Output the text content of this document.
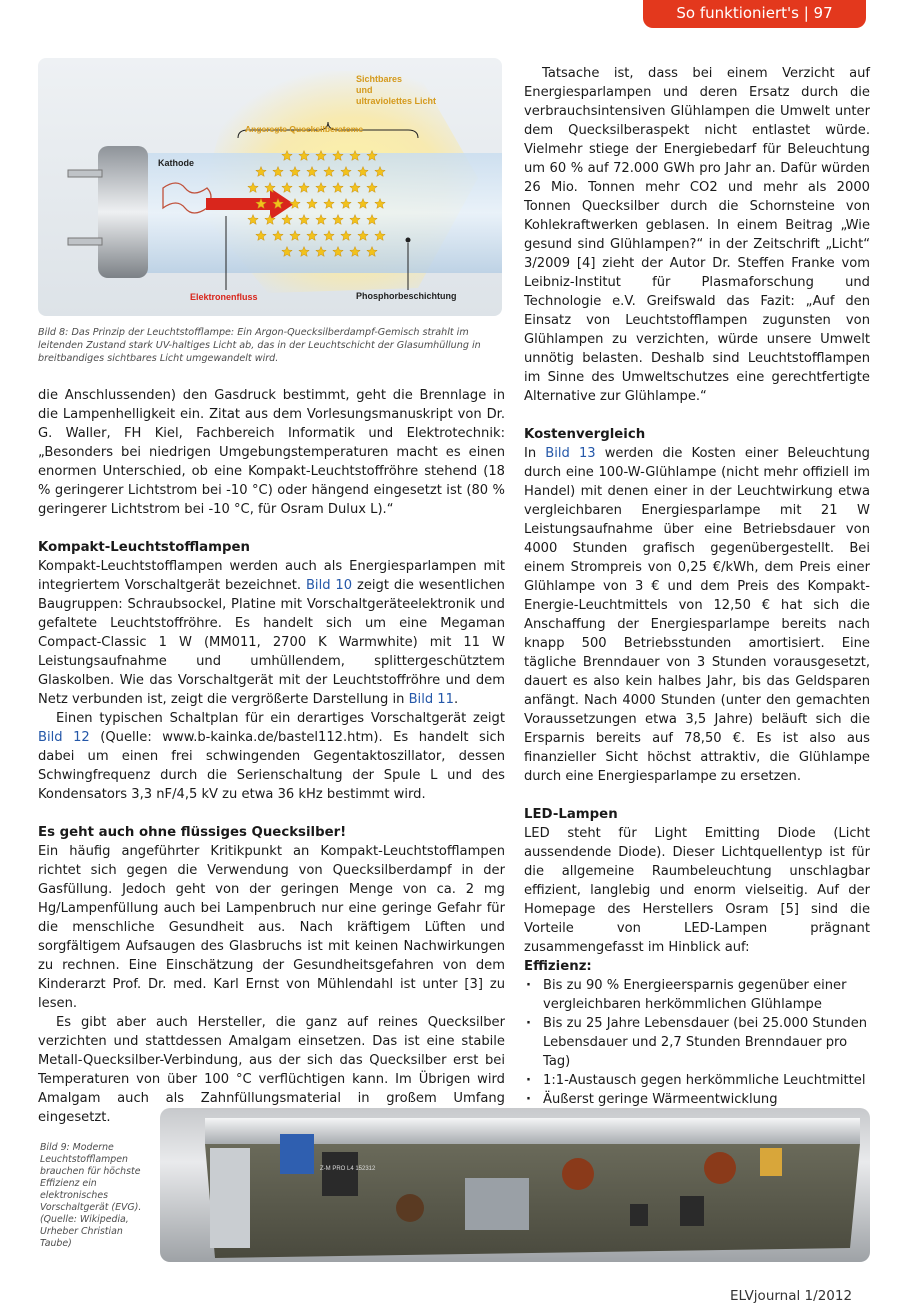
So funktioniert's | 97
Sichtbares
und
ultraviolettes Licht
Angeregte Quecksilberatome
Kathode
Elektronenfluss	Phosphorbeschichtung
Bild 8: Das Prinzip der Leuchtstofflampe: Ein Argon-Quecksilberdampf-Gemisch strahlt im leitenden Zustand stark UV-haltiges Licht ab, das in der Leuchtschicht der Glasumhüllung in breitbandiges sichtbares Licht umgewandelt wird.

die Anschlussenden) den Gasdruck bestimmt, geht die Brennlage in die Lampenhelligkeit ein. Zitat aus dem Vorlesungsmanuskript von Dr. G. Waller, FH Kiel, Fachbereich Informatik und Elektrotechnik: „Besonders bei niedrigen Umgebungstemperaturen macht es einen enormen Unterschied, ob eine Kompakt-Leuchtstoffröhre stehend (18 % geringerer Lichtstrom bei -10 °C) oder hängend eingesetzt ist (80 % geringerer Lichtstrom bei -10 °C, für Osram Dulux L).“

Kompakt-Leuchtstofflampen

Kompakt-Leuchtstofflampen werden auch als Energiesparlampen mit integriertem Vorschaltgerät bezeichnet. Bild 10 zeigt die wesentlichen Baugruppen: Schraubsockel, Platine mit Vorschaltgeräteelektronik und gefaltete Leuchtstoffröhre. Es handelt sich um eine Megaman Compact-Classic 1 W (MM011, 2700 K Warmwhite) mit 11 W Leistungsaufnahme und umhüllendem, splittergeschütztem Glaskolben. Wie das Vorschaltgerät mit der Leuchtstoffröhre und dem Netz verbunden ist, zeigt die vergrößerte Darstellung in Bild 11.

Einen typischen Schaltplan für ein derartiges Vorschaltgerät zeigt Bild 12 (Quelle: www.b-kainka.de/bastel112.htm). Es handelt sich dabei um einen frei schwingenden Gegentaktoszillator, dessen Schwingfrequenz durch die Serienschaltung der Spule L und des Kondensators 3,3 nF/4,5 kV zu etwa 36 kHz bestimmt wird.

Es geht auch ohne flüssiges Quecksilber!

Ein häufig angeführter Kritikpunkt an Kompakt-Leuchtstofflampen richtet sich gegen die Verwendung von Quecksilberdampf in der Gasfüllung. Jedoch geht von der geringen Menge von ca. 2 mg Hg/Lampenfüllung auch bei Lampenbruch nur eine geringe Gefahr für die menschliche Gesundheit aus. Nach kräftigem Lüften und sorgfältigem Aufsaugen des Glasbruchs ist mit keinen Nachwirkungen zu rechnen. Eine Einschätzung der Gesundheitsgefahren von dem Kinderarzt Prof. Dr. med. Karl Ernst von Mühlendahl ist unter [3] zu lesen.

Es gibt aber auch Hersteller, die ganz auf reines Quecksilber verzichten und stattdessen Amalgam einsetzen. Das ist eine stabile Metall-Quecksilber-Verbindung, aus der sich das Quecksilber erst bei Temperaturen von über 100 °C verflüchtigen kann. Im Übrigen wird Amalgam auch als Zahnfüllungsmaterial in großem Umfang eingesetzt.

Tatsache ist, dass bei einem Verzicht auf Energiesparlampen und deren Ersatz durch die verbrauchsintensiven Glühlampen die Umwelt unter dem Quecksilberaspekt nicht entlastet würde. Vielmehr stiege der Energiebedarf für Beleuchtung um 60 % auf 72.000 GWh pro Jahr an. Dafür würden 26 Mio. Tonnen mehr CO2 und mehr als 2000 Tonnen Quecksilber durch die Schornsteine von Kohlekraftwerken geblasen. In einem Beitrag „Wie gesund sind Glühlampen?“ in der Zeitschrift „Licht“ 3/2009 [4] zieht der Autor Dr. Steffen Franke vom Leibniz-Institut für Plasmaforschung und Technologie e.V. Greifswald das Fazit: „Auf den Einsatz von Leuchtstofflampen zugunsten von Glühlampen zu verzichten, würde unsere Umwelt unnötig belasten. Deshalb sind Leuchtstofflampen im Sinne des Umweltschutzes eine gerechtfertigte Alternative zur Glühlampe.“

Kostenvergleich

In Bild 13 werden die Kosten einer Beleuchtung durch eine 100-W-Glühlampe (nicht mehr offiziell im Handel) mit denen einer in der Leuchtwirkung etwa vergleichbaren Energiesparlampe mit 21 W Leistungsaufnahme über eine Betriebsdauer von 4000 Stunden grafisch gegenübergestellt. Bei einem Strompreis von 0,25 €/kWh, dem Preis einer Glühlampe von 3 € und dem Preis des Kompakt-Energie-Leuchtmittels von 12,50 € hat sich die Anschaffung der Energiesparlampe bereits nach knapp 500 Betriebsstunden amortisiert. Eine tägliche Brenndauer von 3 Stunden vorausgesetzt, dauert es also kein halbes Jahr, bis das Geldsparen anfängt. Nach 4000 Stunden (unter den gemachten Voraussetzungen etwa 3,5 Jahre) beläuft sich die Ersparnis bereits auf 78,50 €. Es ist also aus finanzieller Sicht höchst attraktiv, die Glühlampe durch eine Energiesparlampe zu ersetzen.

LED-Lampen

LED steht für Light Emitting Diode (Licht aussendende Diode). Dieser Lichtquellentyp ist für die allgemeine Raumbeleuchtung unschlagbar effizient, langlebig und enorm vielseitig. Auf der Homepage des Herstellers Osram [5] sind die Vorteile von LED-Lampen prägnant zusammengefasst im Hinblick auf:

Effizienz:

· Bis zu 90 % Energieersparnis gegenüber einer vergleichbaren herkömmlichen Glühlampe
· Bis zu 25 Jahre Lebensdauer (bei 25.000 Stunden Lebensdauer und 2,7 Stunden Brenndauer pro Tag)
· 1:1-Austausch gegen herkömmliche Leuchtmittel
· Äußerst geringe Wärmeentwicklung

·
·
Bild 9: Moderne Leuchtstofflampen brauchen für höchste Effizienz ein elektronisches Vorschaltgerät (EVG). (Quelle: Wikipedia, Urheber Christian Taube)
Z-M PRO L4 152312
ELVjournal 1/2012
